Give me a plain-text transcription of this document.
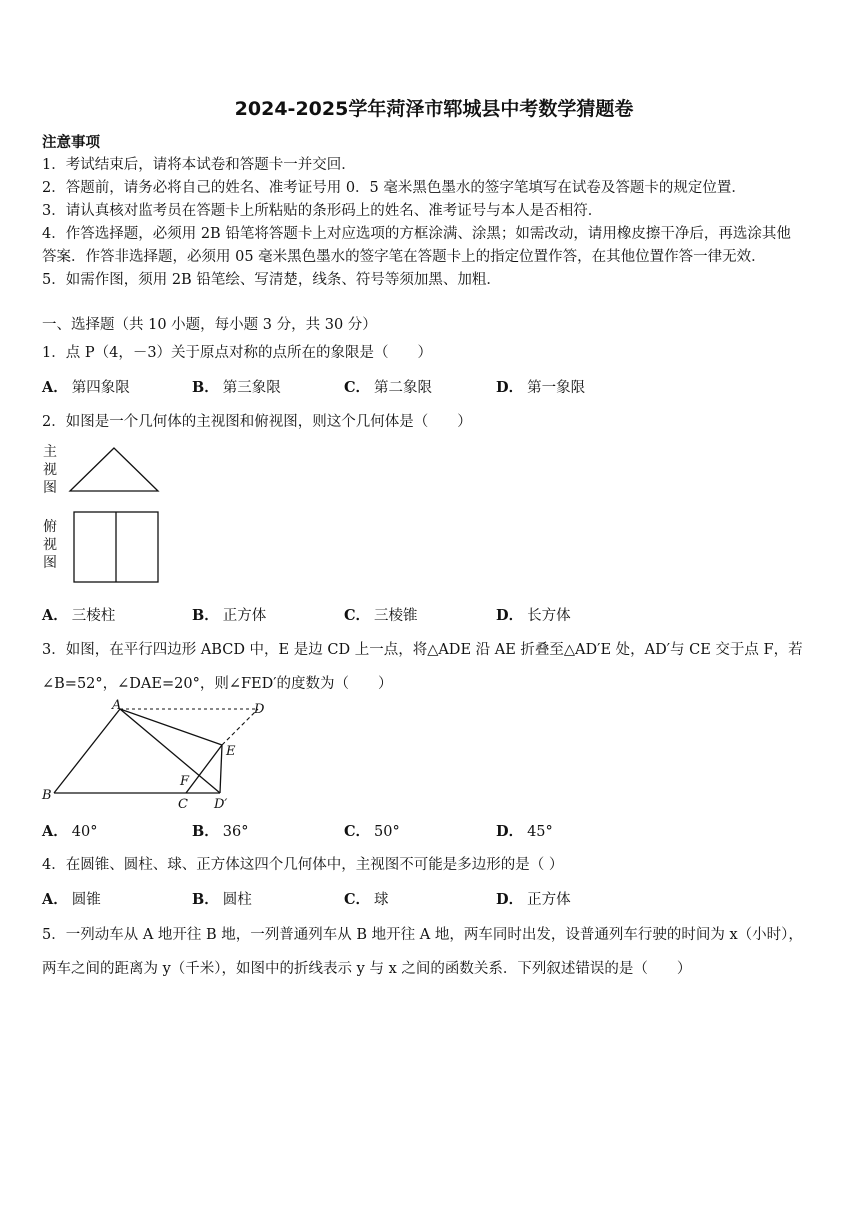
2024-2025学年菏泽市郓城县中考数学猜题卷
注意事项
1．考试结束后，请将本试卷和答题卡一并交回．
2．答题前，请务必将自己的姓名、准考证号用 0．5 毫米黑色墨水的签字笔填写在试卷及答题卡的规定位置．
3．请认真核对监考员在答题卡上所粘贴的条形码上的姓名、准考证号与本人是否相符．
4．作答选择题，必须用 2B 铅笔将答题卡上对应选项的方框涂满、涂黑；如需改动，请用橡皮擦干净后，再选涂其他
答案．作答非选择题，必须用 05 毫米黑色墨水的签字笔在答题卡上的指定位置作答，在其他位置作答一律无效．
5．如需作图，须用 2B 铅笔绘、写清楚，线条、符号等须加黑、加粗．
一、选择题（共 10 小题，每小题 3 分，共 30 分）
1．点 P（4，－3）关于原点对称的点所在的象限是（　　）
A． 第四象限	B． 第三象限	C． 第二象限	D． 第一象限
2．如图是一个几何体的主视图和俯视图，则这个几何体是（　　）
主视图
俯视图
A． 三棱柱	B． 正方体	C． 三棱锥	D． 长方体
3．如图，在平行四边形 ABCD 中，E 是边 CD 上一点，将△ADE 沿 AE 折叠至△AD′E 处，AD′与 CE 交于点 F，若
∠B=52°，∠DAE=20°，则∠FED′的度数为（　　）
A
B
C
D
E
F
D′
A． 40°	B． 36°	C． 50°	D． 45°
4．在圆锥、圆柱、球、正方体这四个几何体中，主视图不可能是多边形的是（ ）
A． 圆锥	B． 圆柱	C． 球	D． 正方体
5．一列动车从 A 地开往 B 地，一列普通列车从 B 地开往 A 地，两车同时出发，设普通列车行驶的时间为 x（小时），
两车之间的距离为 y（千米），如图中的折线表示 y 与 x 之间的函数关系．下列叙述错误的是（　　）
